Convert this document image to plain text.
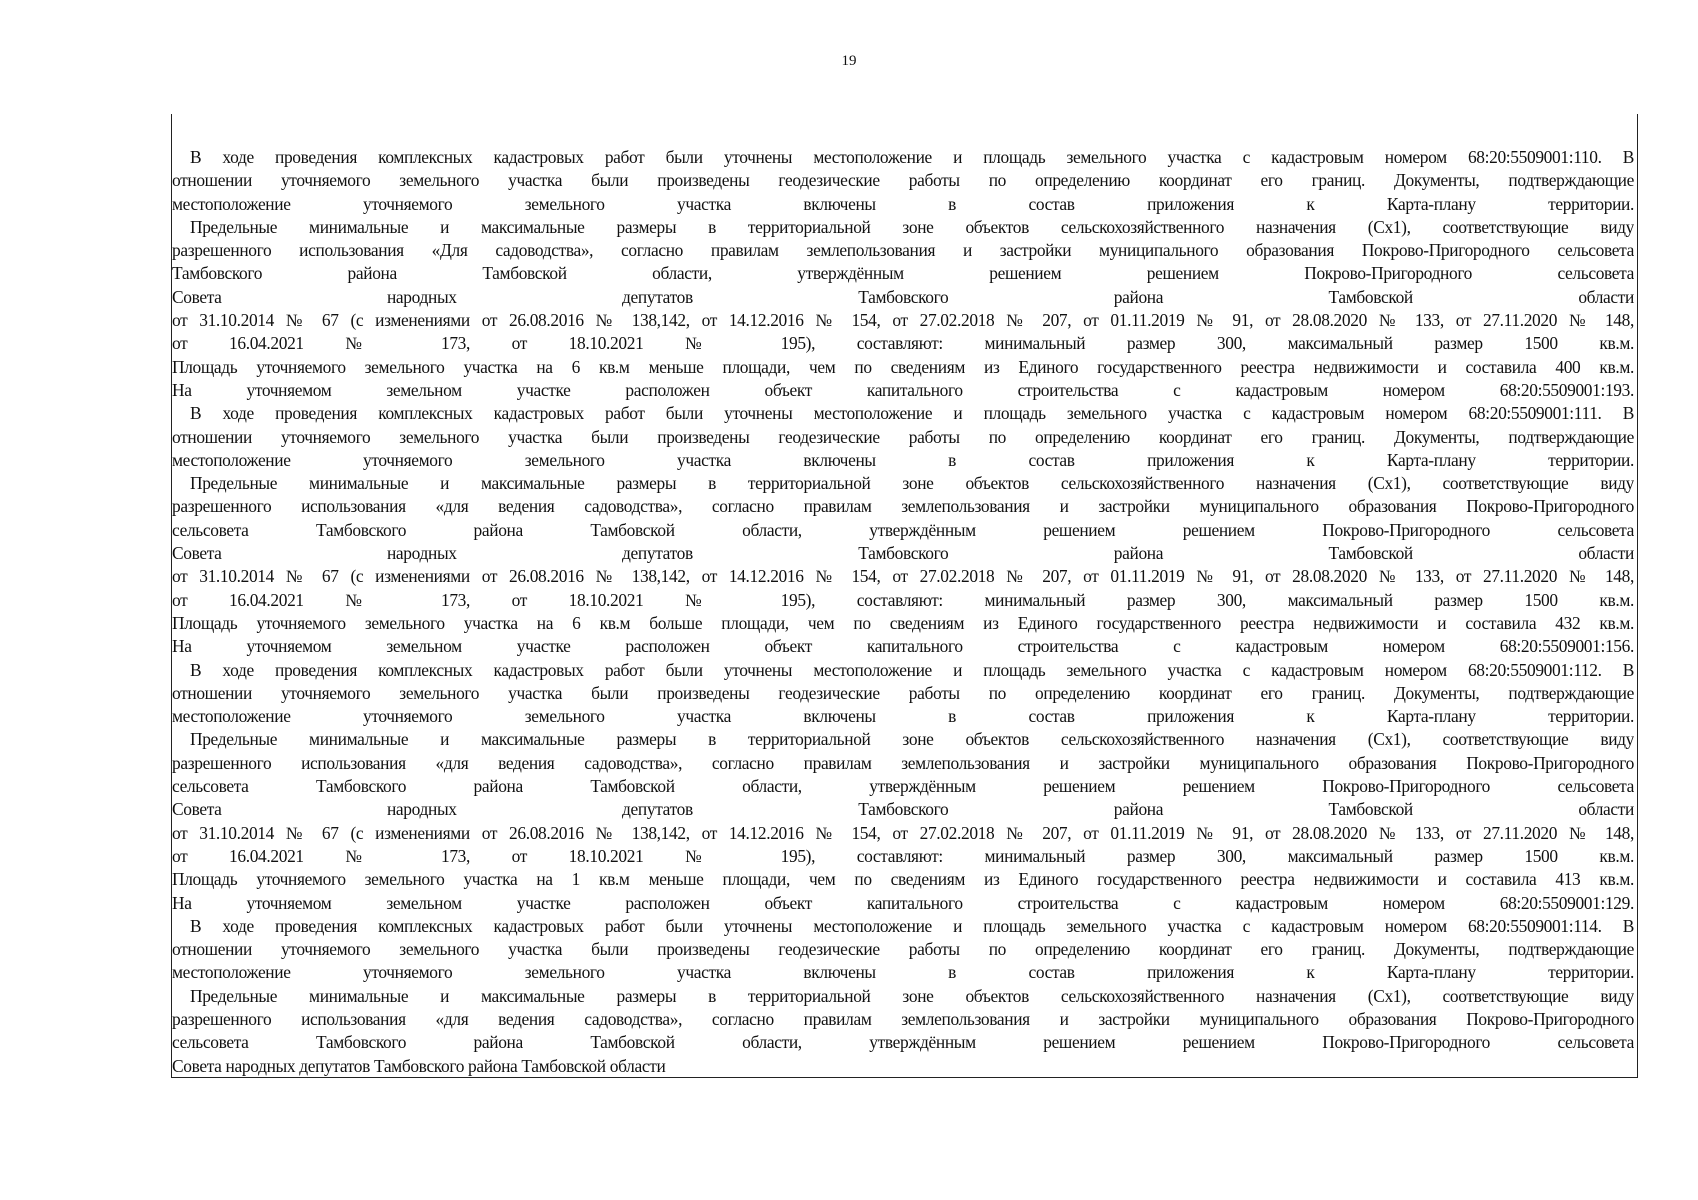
19
В ходе проведения комплексных кадастровых работ были уточнены местоположение и площадь земельного участка с кадастровым номером 68:20:5509001:110. В
отношении уточняемого земельного участка были произведены геодезические работы по определению координат его границ. Документы, подтверждающие
местоположение уточняемого земельного участка включены в состав приложения к Карта-плану территории.
Предельные минимальные и максимальные размеры в территориальной зоне объектов сельскохозяйственного назначения (Сх1), соответствующие виду
разрешенного использования «Для садоводства», согласно правилам землепользования и застройки муниципального образования Покрово-Пригородного сельсовета
Тамбовского района Тамбовской области, утверждённым решением решением Покрово-Пригородного сельсовета
Совета народных депутатов Тамбовского района Тамбовской области
от 31.10.2014 № 67 (с изменениями от 26.08.2016 № 138,142, от 14.12.2016 № 154, от 27.02.2018 № 207, от 01.11.2019 № 91, от 28.08.2020 № 133, от 27.11.2020 № 148,
от 16.04.2021 № 173, от 18.10.2021 № 195), составляют: минимальный размер 300, максимальный размер 1500 кв.м.
Площадь уточняемого земельного участка на 6 кв.м меньше площади, чем по сведениям из Единого государственного реестра недвижимости и составила 400 кв.м.
На уточняемом земельном участке расположен объект капитального строительства с кадастровым номером 68:20:5509001:193.
В ходе проведения комплексных кадастровых работ были уточнены местоположение и площадь земельного участка с кадастровым номером 68:20:5509001:111. В
отношении уточняемого земельного участка были произведены геодезические работы по определению координат его границ. Документы, подтверждающие
местоположение уточняемого земельного участка включены в состав приложения к Карта-плану территории.
Предельные минимальные и максимальные размеры в территориальной зоне объектов сельскохозяйственного назначения (Сх1), соответствующие виду
разрешенного использования «для ведения садоводства», согласно правилам землепользования и застройки муниципального образования Покрово-Пригородного
сельсовета Тамбовского района Тамбовской области, утверждённым решением решением Покрово-Пригородного сельсовета
Совета народных депутатов Тамбовского района Тамбовской области
от 31.10.2014 № 67 (с изменениями от 26.08.2016 № 138,142, от 14.12.2016 № 154, от 27.02.2018 № 207, от 01.11.2019 № 91, от 28.08.2020 № 133, от 27.11.2020 № 148,
от 16.04.2021 № 173, от 18.10.2021 № 195), составляют: минимальный размер 300, максимальный размер 1500 кв.м.
Площадь уточняемого земельного участка на 6 кв.м больше площади, чем по сведениям из Единого государственного реестра недвижимости и составила 432 кв.м.
На уточняемом земельном участке расположен объект капитального строительства с кадастровым номером 68:20:5509001:156.
В ходе проведения комплексных кадастровых работ были уточнены местоположение и площадь земельного участка с кадастровым номером 68:20:5509001:112. В
отношении уточняемого земельного участка были произведены геодезические работы по определению координат его границ. Документы, подтверждающие
местоположение уточняемого земельного участка включены в состав приложения к Карта-плану территории.
Предельные минимальные и максимальные размеры в территориальной зоне объектов сельскохозяйственного назначения (Сх1), соответствующие виду
разрешенного использования «для ведения садоводства», согласно правилам землепользования и застройки муниципального образования Покрово-Пригородного
сельсовета Тамбовского района Тамбовской области, утверждённым решением решением Покрово-Пригородного сельсовета
Совета народных депутатов Тамбовского района Тамбовской области
от 31.10.2014 № 67 (с изменениями от 26.08.2016 № 138,142, от 14.12.2016 № 154, от 27.02.2018 № 207, от 01.11.2019 № 91, от 28.08.2020 № 133, от 27.11.2020 № 148,
от 16.04.2021 № 173, от 18.10.2021 № 195), составляют: минимальный размер 300, максимальный размер 1500 кв.м.
Площадь уточняемого земельного участка на 1 кв.м меньше площади, чем по сведениям из Единого государственного реестра недвижимости и составила 413 кв.м.
На уточняемом земельном участке расположен объект капитального строительства с кадастровым номером 68:20:5509001:129.
В ходе проведения комплексных кадастровых работ были уточнены местоположение и площадь земельного участка с кадастровым номером 68:20:5509001:114. В
отношении уточняемого земельного участка были произведены геодезические работы по определению координат его границ. Документы, подтверждающие
местоположение уточняемого земельного участка включены в состав приложения к Карта-плану территории.
Предельные минимальные и максимальные размеры в территориальной зоне объектов сельскохозяйственного назначения (Сх1), соответствующие виду
разрешенного использования «для ведения садоводства», согласно правилам землепользования и застройки муниципального образования Покрово-Пригородного
сельсовета Тамбовского района Тамбовской области, утверждённым решением решением Покрово-Пригородного сельсовета
Совета народных депутатов Тамбовского района Тамбовской области
